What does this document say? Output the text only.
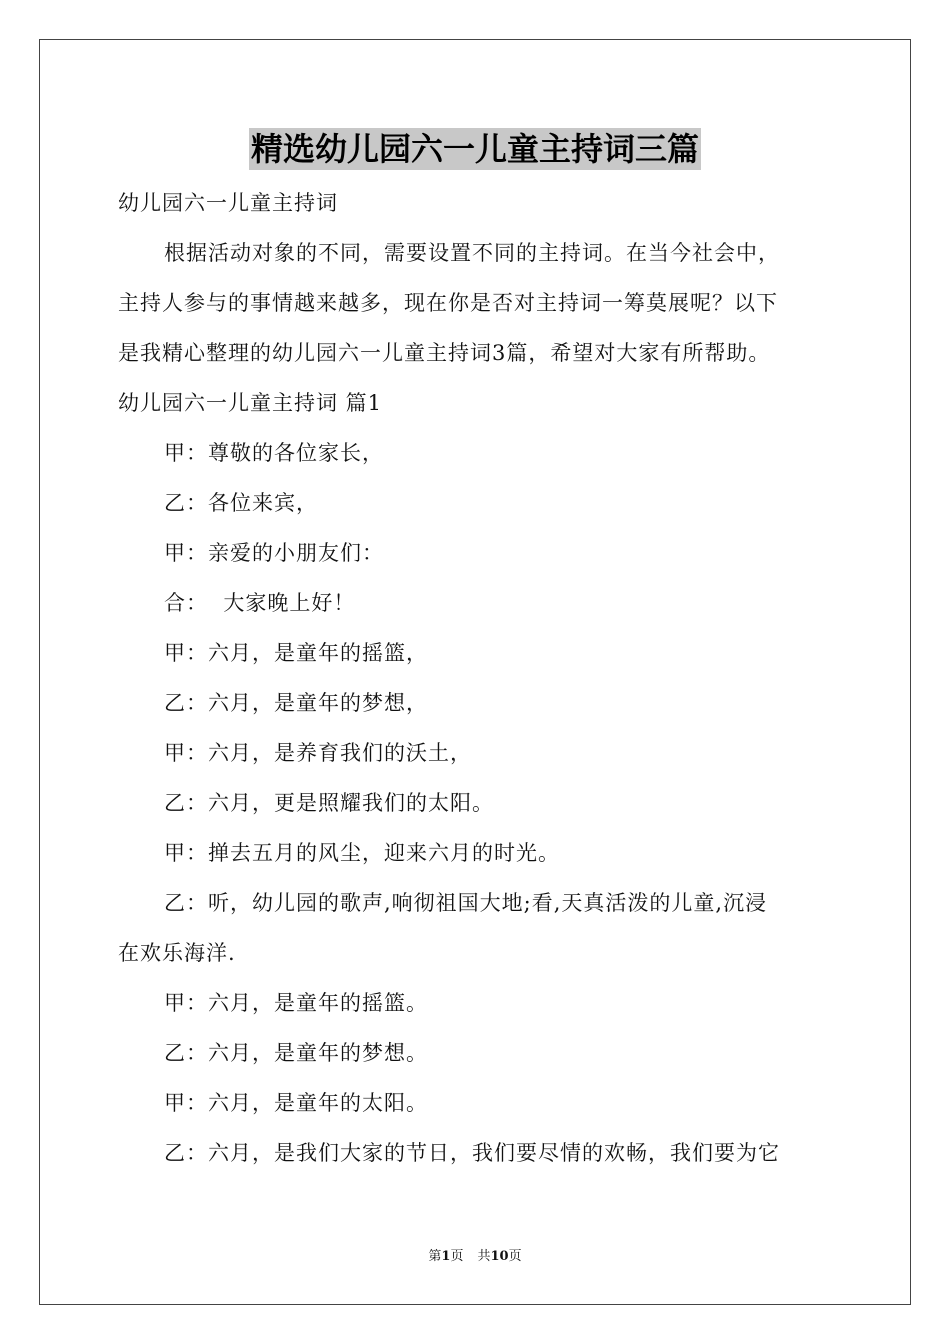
精选幼儿园六一儿童主持词三篇
幼儿园六一儿童主持词
根据活动对象的不同，需要设置不同的主持词。在当今社会中，
主持人参与的事情越来越多，现在你是否对主持词一筹莫展呢？以下
是我精心整理的幼儿园六一儿童主持词3篇，希望对大家有所帮助。
幼儿园六一儿童主持词 篇1
甲：尊敬的各位家长，
乙：各位来宾，
甲：亲爱的小朋友们：
合：  大家晚上好！
甲：六月，是童年的摇篮，
乙：六月，是童年的梦想，
甲：六月，是养育我们的沃土，
乙：六月，更是照耀我们的太阳。
甲：掸去五月的风尘，迎来六月的时光。
乙：听，幼儿园的歌声,响彻祖国大地;看,天真活泼的儿童,沉浸
在欢乐海洋.
甲：六月，是童年的摇篮。
乙：六月，是童年的梦想。
甲：六月，是童年的太阳。
乙：六月，是我们大家的节日，我们要尽情的欢畅，我们要为它
第1页 共10页
